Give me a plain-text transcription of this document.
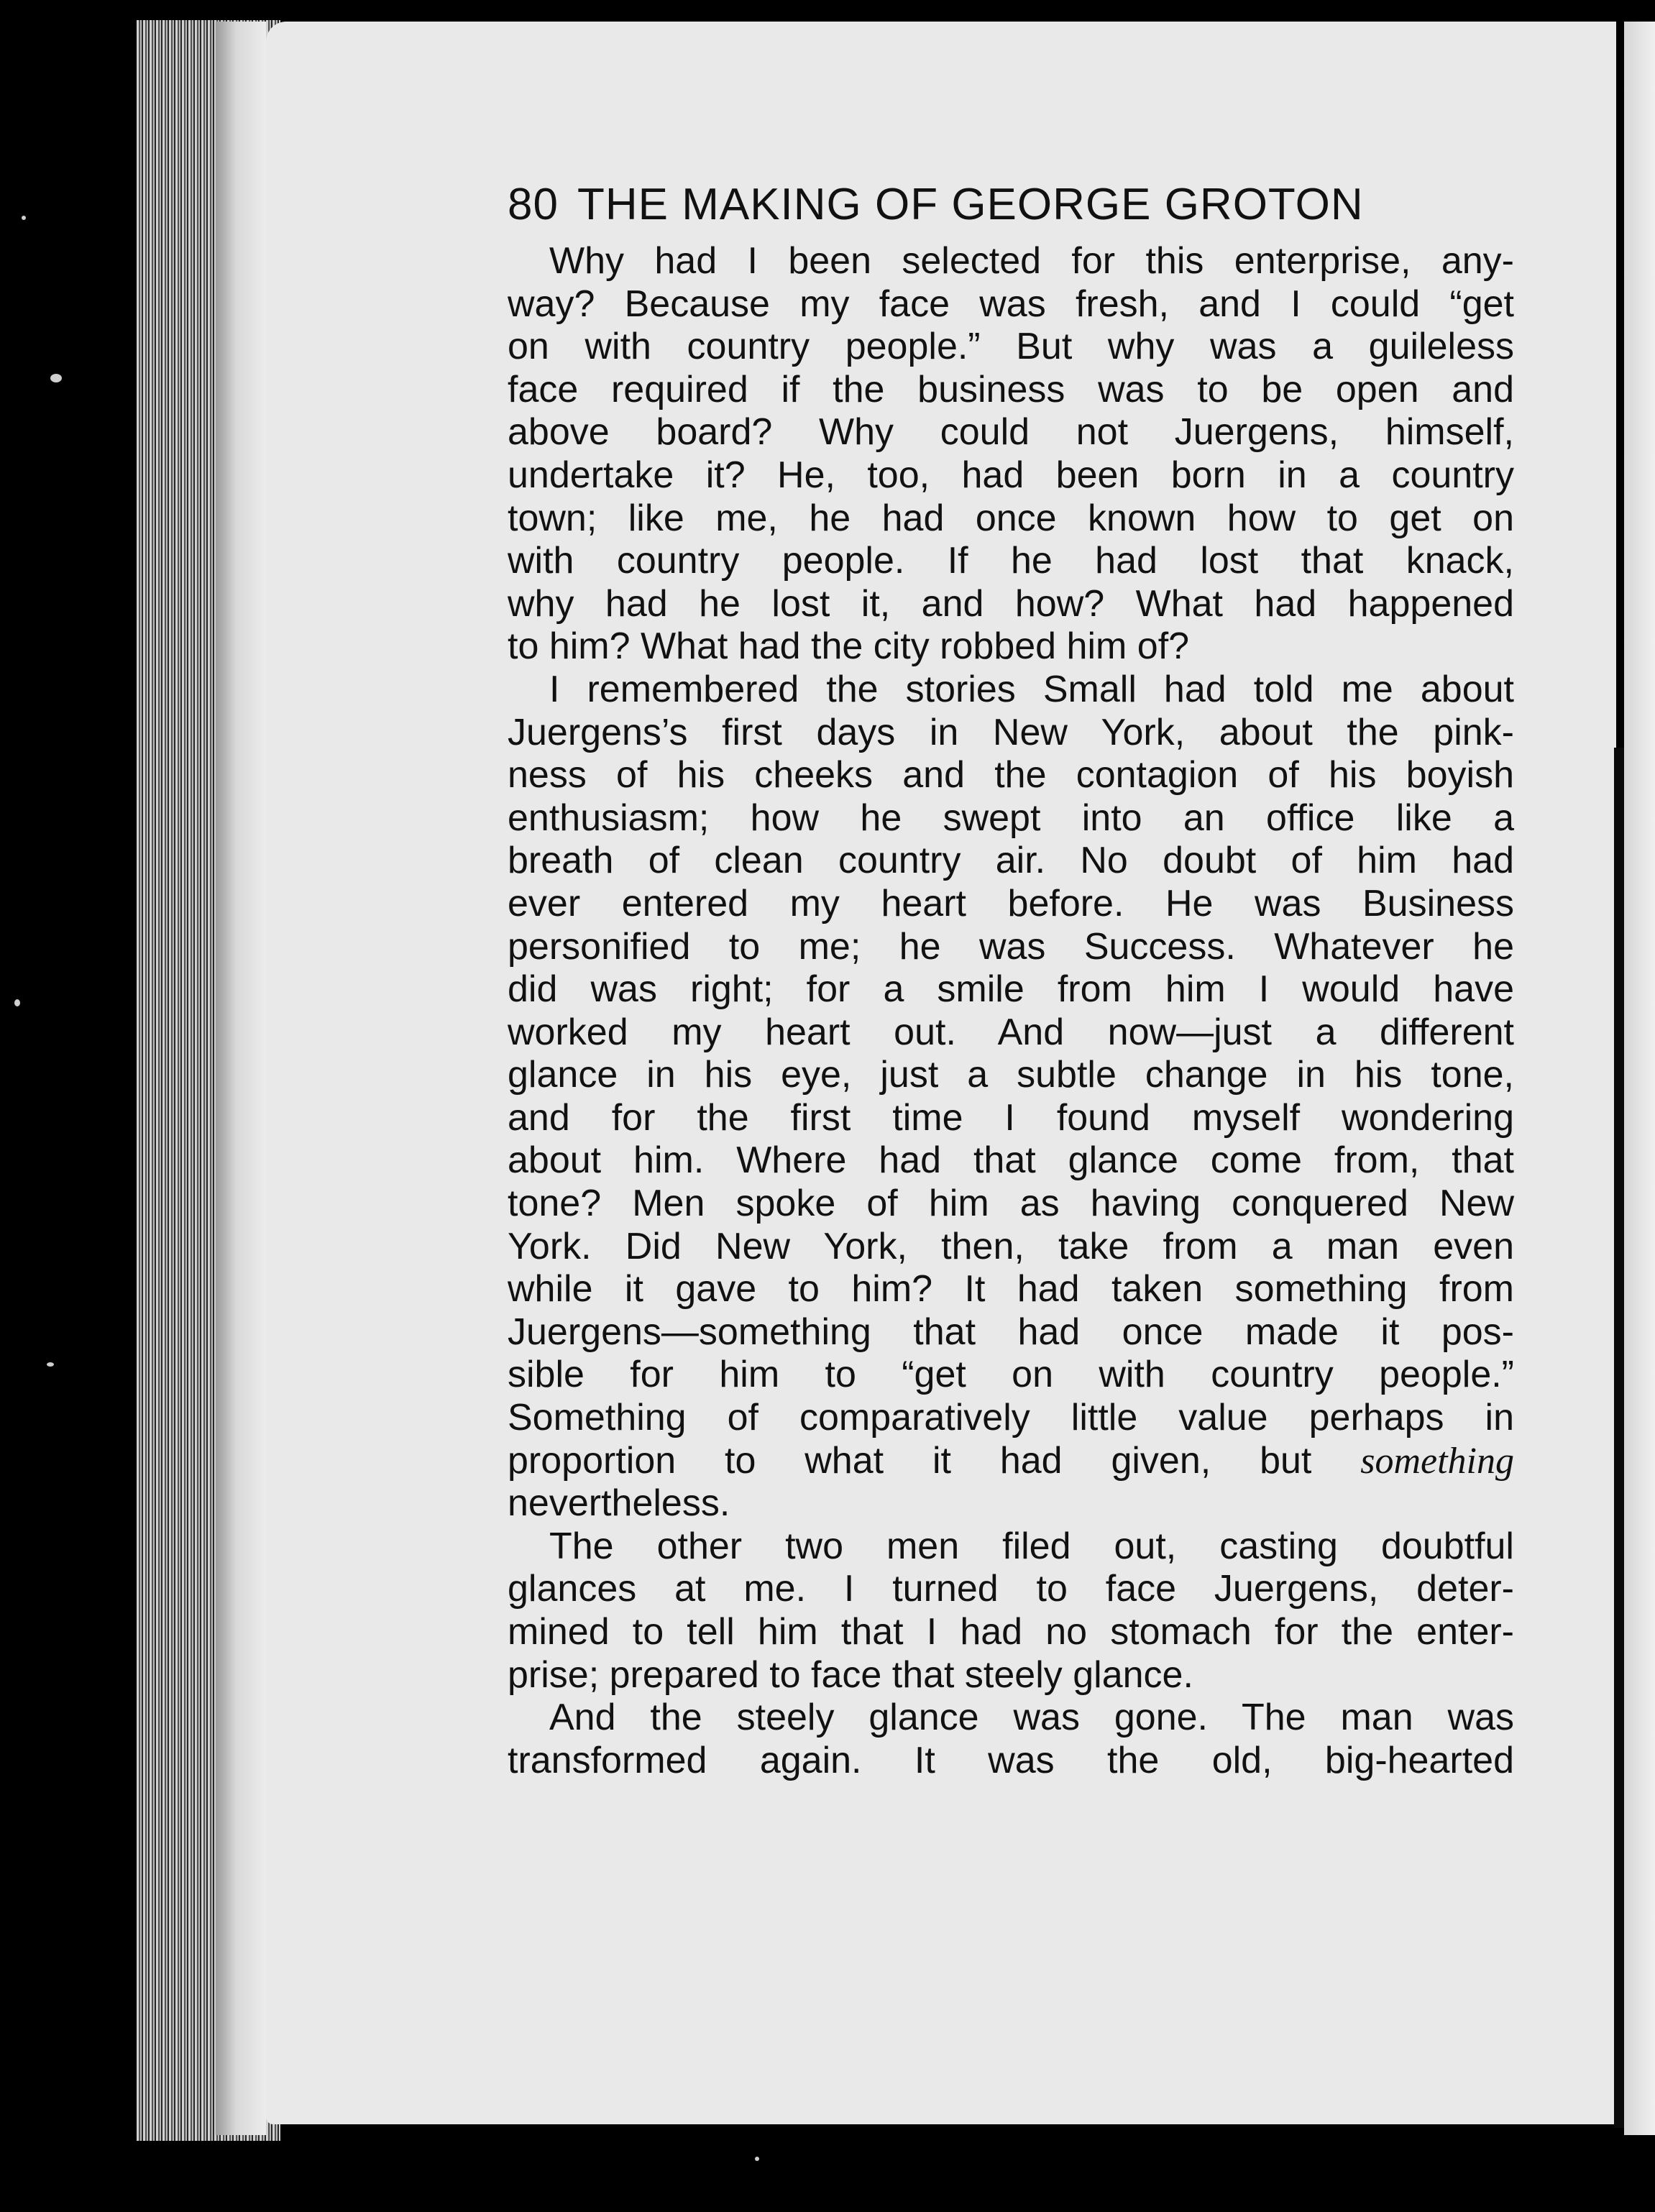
80 THE MAKING OF GEORGE GROTON

Why had I been selected for this enterprise, any-
way? Because my face was fresh, and I could “get
on with country people.” But why was a guileless
face required if the business was to be open and
above board? Why could not Juergens, himself,
undertake it? He, too, had been born in a country
town; like me, he had once known how to get on
with country people. If he had lost that knack,
why had he lost it, and how? What had happened
to him? What had the city robbed him of?

I remembered the stories Small had told me about
Juergens’s first days in New York, about the pink-
ness of his cheeks and the contagion of his boyish
enthusiasm; how he swept into an office like a
breath of clean country air. No doubt of him had
ever entered my heart before. He was Business
personified to me; he was Success. Whatever he
did was right; for a smile from him I would have
worked my heart out. And now—just a different
glance in his eye, just a subtle change in his tone,
and for the first time I found myself wondering
about him. Where had that glance come from, that
tone? Men spoke of him as having conquered New
York. Did New York, then, take from a man even
while it gave to him? It had taken something from
Juergens—something that had once made it pos-
sible for him to “get on with country people.”
Something of comparatively little value perhaps in
proportion to what it had given, but something
nevertheless.

The other two men filed out, casting doubtful
glances at me. I turned to face Juergens, deter-
mined to tell him that I had no stomach for the enter-
prise; prepared to face that steely glance.

And the steely glance was gone. The man was
transformed again. It was the old, big-hearted
